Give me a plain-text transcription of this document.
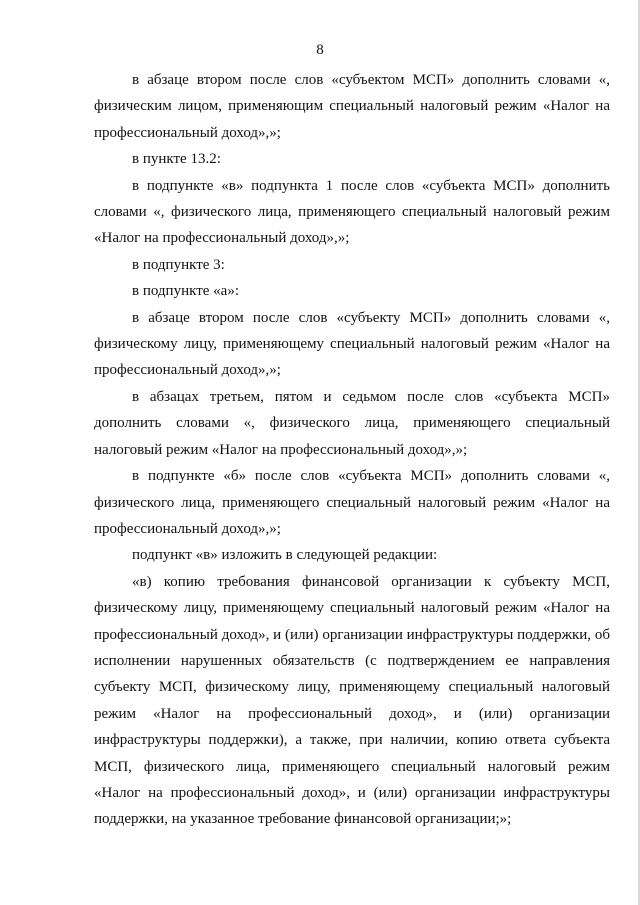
8

в абзаце втором после слов «субъектом МСП» дополнить словами «, физическим лицом, применяющим специальный налоговый режим «Налог на профессиональный доход»,»;

в пункте 13.2:

в подпункте «в» подпункта 1 после слов «субъекта МСП» дополнить словами «, физического лица, применяющего специальный налоговый режим «Налог на профессиональный доход»,»;

в подпункте 3:

в подпункте «а»:

в абзаце втором после слов «субъекту МСП» дополнить словами «, физическому лицу, применяющему специальный налоговый режим «Налог на профессиональный доход»,»;

в абзацах третьем, пятом и седьмом после слов «субъекта МСП» дополнить словами «, физического лица, применяющего специальный налоговый режим «Налог на профессиональный доход»,»;

в подпункте «б» после слов «субъекта МСП» дополнить словами «, физического лица, применяющего специальный налоговый режим «Налог на профессиональный доход»,»;

подпункт «в» изложить в следующей редакции:

«в) копию требования финансовой организации к субъекту МСП, физическому лицу, применяющему специальный налоговый режим «Налог на профессиональный доход», и (или) организации инфраструктуры поддержки, об исполнении нарушенных обязательств (с подтверждением ее направления субъекту МСП, физическому лицу, применяющему специальный налоговый режим «Налог на профессиональный доход», и (или) организации инфраструктуры поддержки), а также, при наличии, копию ответа субъекта МСП, физического лица, применяющего специальный налоговый режим «Налог на профессиональный доход», и (или) организации инфраструктуры поддержки, на указанное требование финансовой организации;»;
